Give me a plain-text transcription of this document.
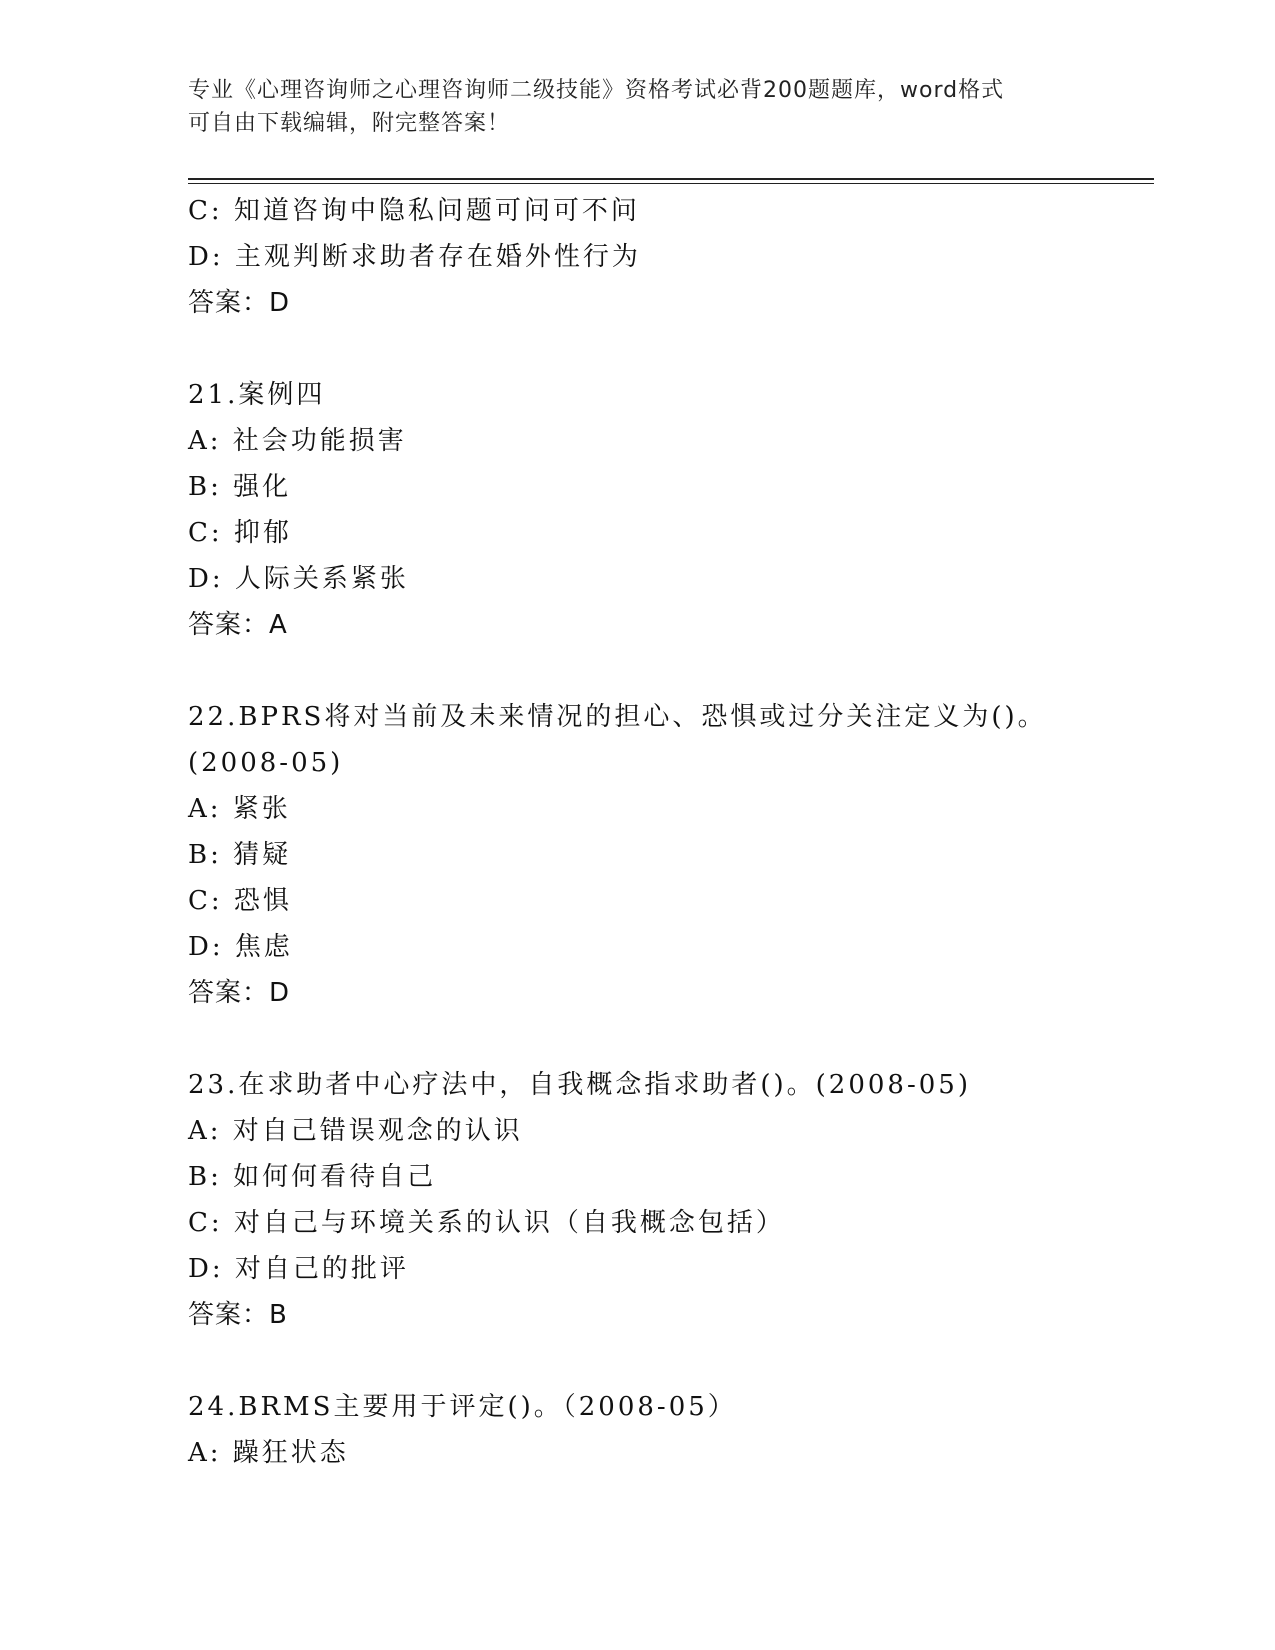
专业《心理咨询师之心理咨询师二级技能》资格考试必背200题题库，word格式
可自由下载编辑，附完整答案！
C: 知道咨询中隐私问题可问可不问
D: 主观判断求助者存在婚外性行为
答案：D
21.案例四
A: 社会功能损害
B: 强化
C: 抑郁
D: 人际关系紧张
答案：A
22.BPRS将对当前及未来情况的担心、恐惧或过分关注定义为()。
(2008-05)
A: 紧张
B: 猜疑
C: 恐惧
D: 焦虑
答案：D
23.在求助者中心疗法中，自我概念指求助者()。(2008-05)
A: 对自己错误观念的认识
B: 如何何看待自己
C: 对自己与环境关系的认识（自我概念包括）
D: 对自己的批评
答案：B
24.BRMS主要用于评定()。（2008-05）
A: 躁狂状态
